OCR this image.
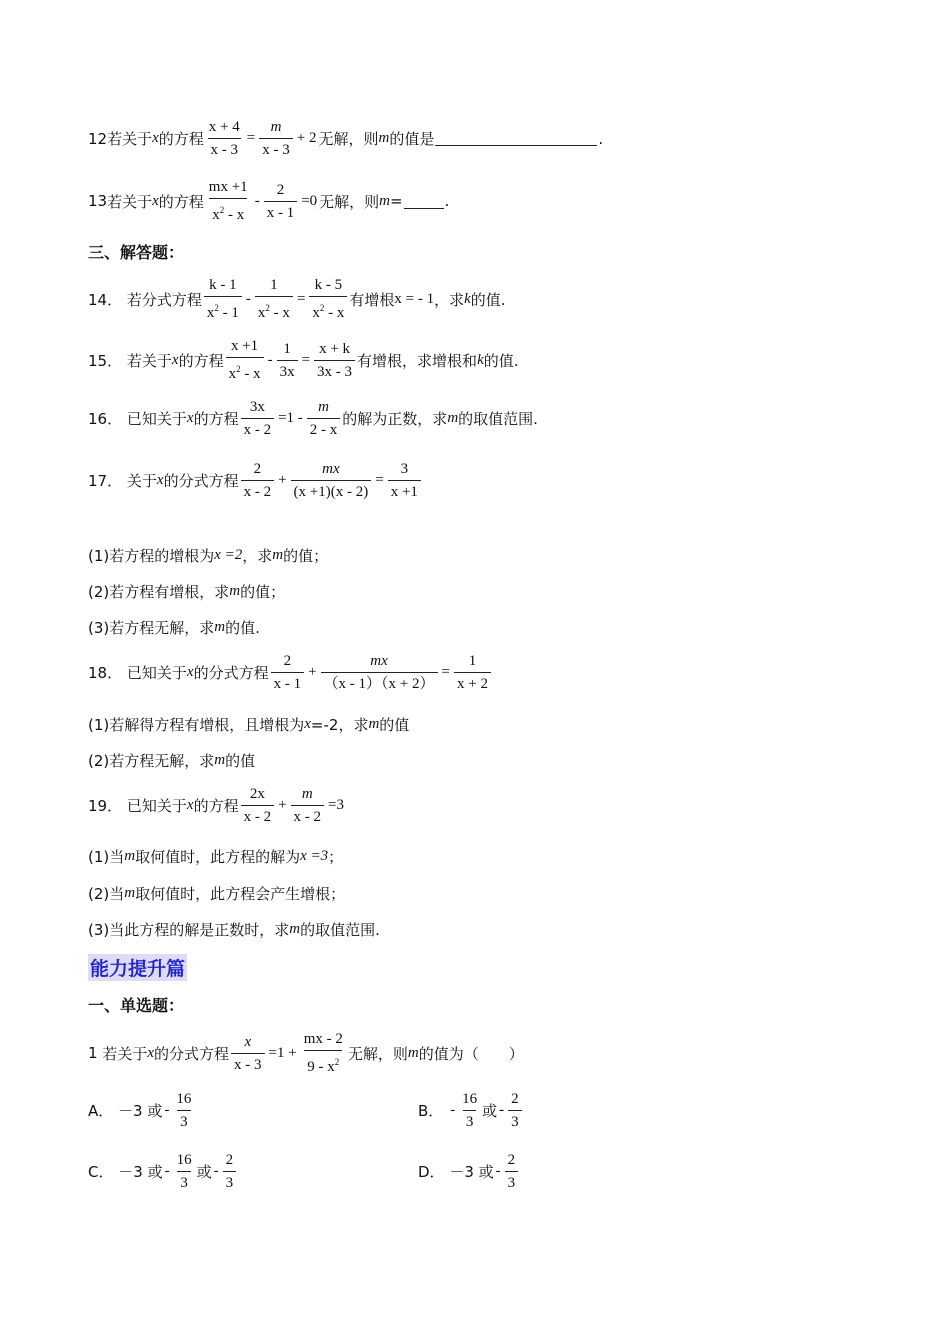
12 若关于 x 的方程 $\frac{x + 4}{x - 3} = \frac{m}{x - 3} + 2$ 无解，则 m 的值是	.
13 若关于 x 的方程 $\frac{mx +1}{x^2 - x} - \frac{2}{x - 1} =0$ 无解，则 m =	.
三、解答题：
14．
若分式方程 $\frac{k - 1}{x^2 - 1} - \frac{1}{x^2 - x} = \frac{k - 5}{x^2 - x}$ 有增根 x = - 1 ，求 k 的值.
15．
若关于 x 的方程 $\frac{x +1}{x^2 - x} - \frac{1}{3x} = \frac{x + k}{3x - 3}$ 有增根，求增根和 k 的值.
16．
已知关于 x 的方程 $\frac{3x}{x - 2} =1 - \frac{m}{2 - x}$ 的解为正数，求 m 的取值范围.
17．
关于 x 的分式方程 $\frac{2}{x - 2} + \frac{mx}{(x +1)(x - 2)} = \frac{3}{x +1}$
(1)若方程的增根为 x =2 ，求 m 的值；
(2)若方程有增根，求 m 的值；
(3)若方程无解，求 m 的值.
18．
已知关于 x 的分式方程 $\frac{2}{x - 1} + \frac{mx}{(x - 1)(x + 2)} = \frac{1}{x + 2}$
(1)若解得方程有增根，且增根为 x =-2，求 m 的值
(2)若方程无解，求 m 的值
19．
已知关于 x 的方程 $\frac{2x}{x - 2} + \frac{m}{x - 2} =3$
(1)当 m 取何值时，此方程的解为 x =3 ；
(2)当 m 取何值时，此方程会产生增根；
(3)当此方程的解是正数时，求 m 的取值范围.
能力提升篇
一、单选题：
1
若关于 x 的分式方程 $\frac{x}{x - 3} =1 + \frac{mx - 2}{9 - x^2}$ 无解，则 m 的值为（　　）
A．
－3 或 - $\frac{16}{3}$	B．
- $\frac{16}{3}$ 或 - $\frac{2}{3}$
C．
－3 或 - $\frac{16}{3}$ 或 - $\frac{2}{3}$	D．
－3 或 - $\frac{2}{3}$
